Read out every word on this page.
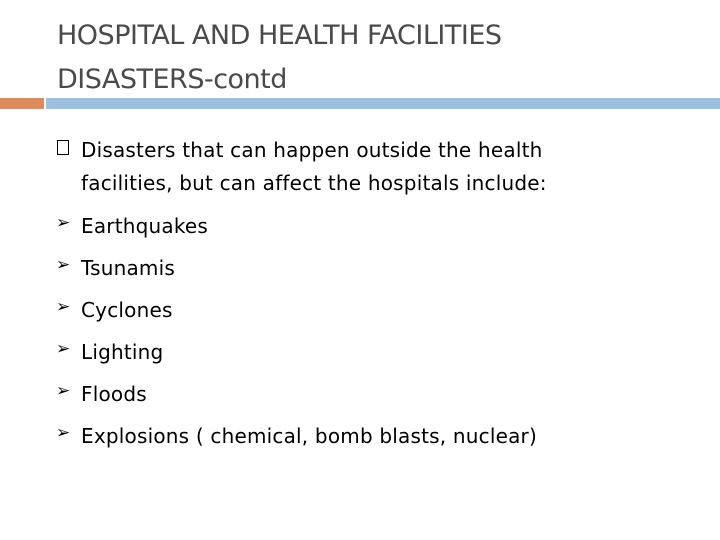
HOSPITAL AND HEALTH FACILITIES
DISASTERS-contd
Disasters that can happen outside the health
facilities, but can affect the hospitals include:
➢ Earthquakes
➢ Tsunamis
➢ Cyclones
➢ Lighting
➢ Floods
➢ Explosions ( chemical, bomb blasts, nuclear)
